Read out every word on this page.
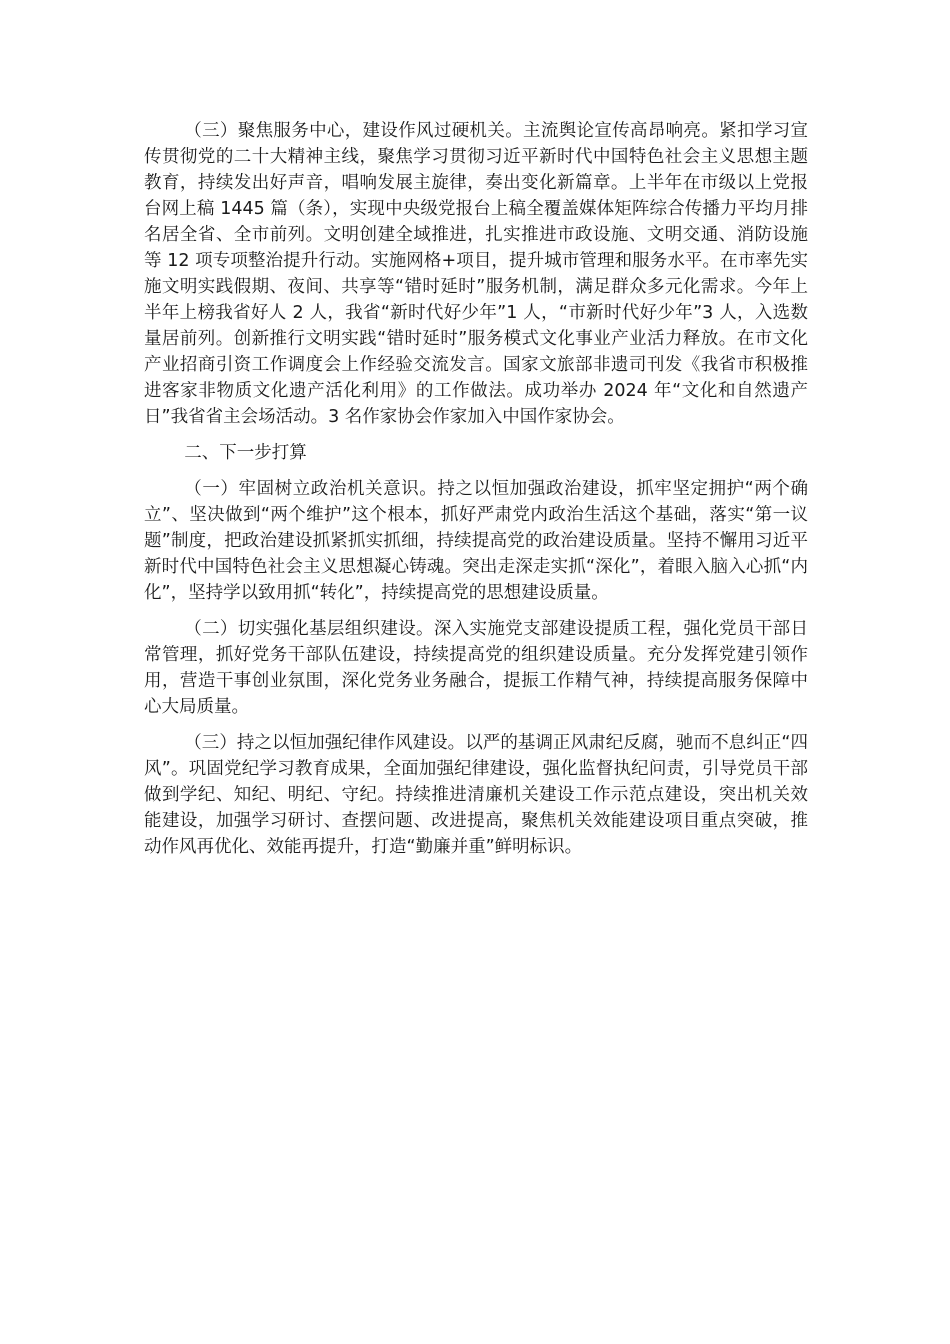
（三）聚焦服务中心，建设作风过硬机关。主流舆论宣传高昂响亮。紧扣学习宣传贯彻党的二十大精神主线，聚焦学习贯彻习近平新时代中国特色社会主义思想主题教育，持续发出好声音，唱响发展主旋律，奏出变化新篇章。上半年在市级以上党报台网上稿 1445 篇（条），实现中央级党报台上稿全覆盖媒体矩阵综合传播力平均月排名居全省、全市前列。文明创建全域推进，扎实推进市政设施、文明交通、消防设施等 12 项专项整治提升行动。实施网格+项目，提升城市管理和服务水平。在市率先实施文明实践假期、夜间、共享等“错时延时”服务机制，满足群众多元化需求。今年上半年上榜我省好人 2 人，我省“新时代好少年”1 人，“市新时代好少年”3 人，入选数量居前列。创新推行文明实践“错时延时”服务模式文化事业产业活力释放。在市文化产业招商引资工作调度会上作经验交流发言。国家文旅部非遗司刊发《我省市积极推进客家非物质文化遗产活化利用》的工作做法。成功举办 2024 年“文化和自然遗产日”我省省主会场活动。3 名作家协会作家加入中国作家协会。

二、下一步打算

（一）牢固树立政治机关意识。持之以恒加强政治建设，抓牢坚定拥护“两个确立”、坚决做到“两个维护”这个根本，抓好严肃党内政治生活这个基础，落实“第一议题”制度，把政治建设抓紧抓实抓细，持续提高党的政治建设质量。坚持不懈用习近平新时代中国特色社会主义思想凝心铸魂。突出走深走实抓“深化”，着眼入脑入心抓“内化”，坚持学以致用抓“转化”，持续提高党的思想建设质量。

（二）切实强化基层组织建设。深入实施党支部建设提质工程，强化党员干部日常管理，抓好党务干部队伍建设，持续提高党的组织建设质量。充分发挥党建引领作用，营造干事创业氛围，深化党务业务融合，提振工作精气神，持续提高服务保障中心大局质量。

（三）持之以恒加强纪律作风建设。以严的基调正风肃纪反腐，驰而不息纠正“四风”。巩固党纪学习教育成果，全面加强纪律建设，强化监督执纪问责，引导党员干部做到学纪、知纪、明纪、守纪。持续推进清廉机关建设工作示范点建设，突出机关效能建设，加强学习研讨、查摆问题、改进提高，聚焦机关效能建设项目重点突破，推动作风再优化、效能再提升，打造“勤廉并重”鲜明标识。
